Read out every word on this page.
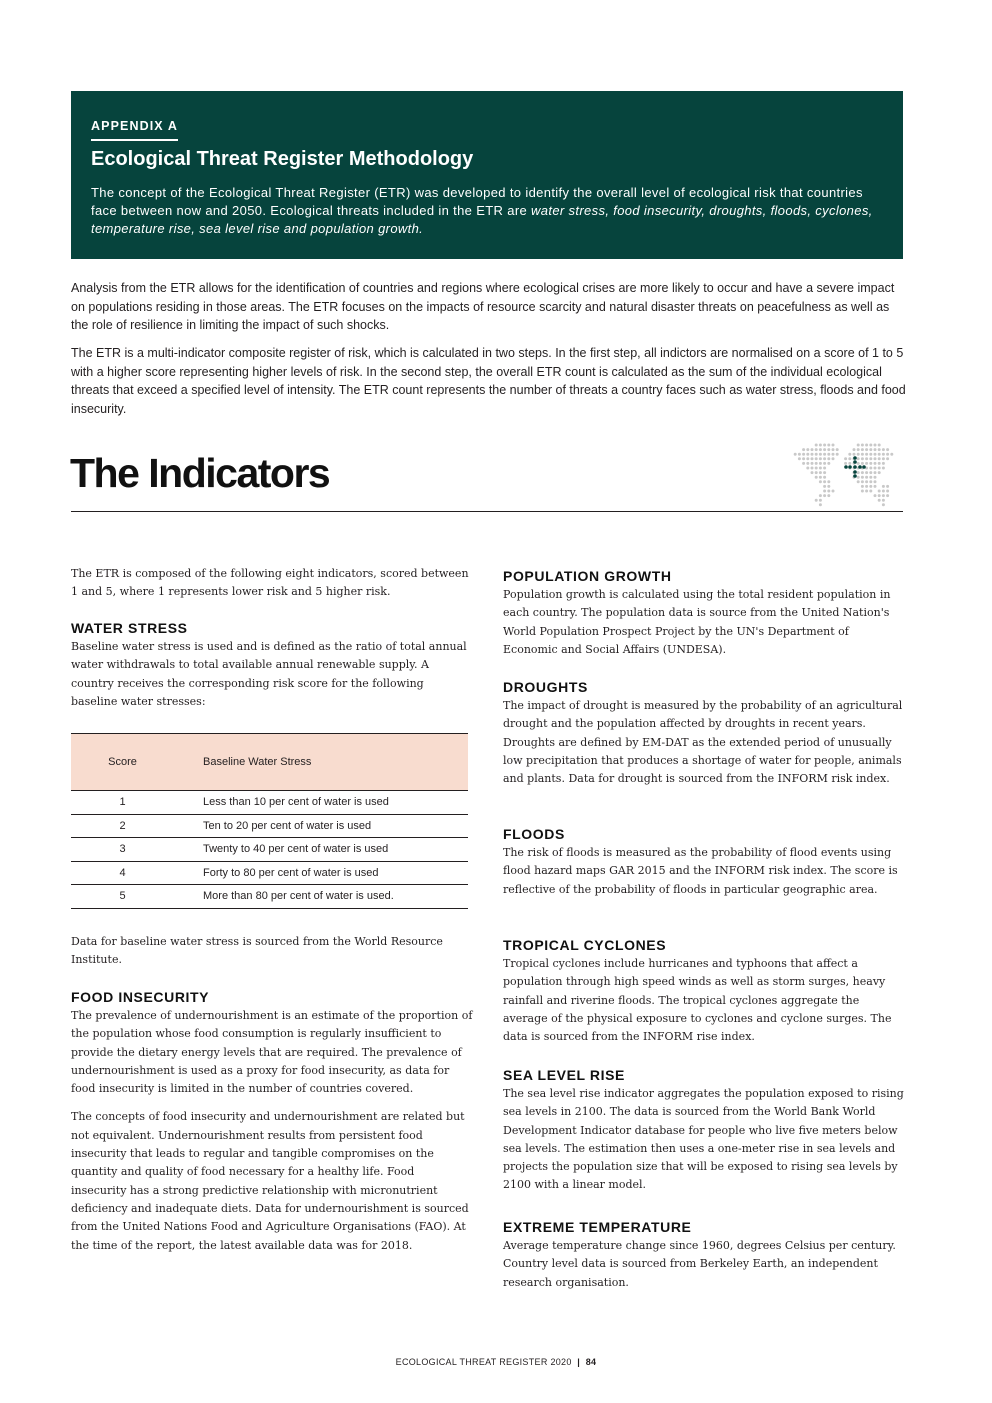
APPENDIX A
Ecological Threat Register Methodology

The concept of the Ecological Threat Register (ETR) was developed to identify the overall level of ecological risk that countries face between now and 2050. Ecological threats included in the ETR are water stress, food insecurity, droughts, floods, cyclones, temperature rise, sea level rise and population growth.

Analysis from the ETR allows for the identification of countries and regions where ecological crises are more likely to occur and have a severe impact on populations residing in those areas. The ETR focuses on the impacts of resource scarcity and natural disaster threats on peacefulness as well as the role of resilience in limiting the impact of such shocks.

The ETR is a multi-indicator composite register of risk, which is calculated in two steps. In the first step, all indictors are normalised on a score of 1 to 5 with a higher score representing higher levels of risk. In the second step, the overall ETR count is calculated as the sum of the individual ecological threats that exceed a specified level of intensity. The ETR count represents the number of threats a country faces such as water stress, floods and food insecurity.

The Indicators

The ETR is composed of the following eight indicators, scored between 1 and 5, where 1 represents lower risk and 5 higher risk.

WATER STRESS

Baseline water stress is used and is defined as the ratio of total annual water withdrawals to total available annual renewable supply. A country receives the corresponding risk score for the following baseline water stresses:

Score	Baseline Water Stress
1	Less than 10 per cent of water is used
2	Ten to 20 per cent of water is used
3	Twenty to 40 per cent of water is used
4	Forty to 80 per cent of water is used
5	More than 80 per cent of water is used.

Data for baseline water stress is sourced from the World Resource Institute.

FOOD INSECURITY

The prevalence of undernourishment is an estimate of the proportion of the population whose food consumption is regularly insufficient to provide the dietary energy levels that are required. The prevalence of undernourishment is used as a proxy for food insecurity, as data for food insecurity is limited in the number of countries covered.

The concepts of food insecurity and undernourishment are related but not equivalent. Undernourishment results from persistent food insecurity that leads to regular and tangible compromises on the quantity and quality of food necessary for a healthy life. Food insecurity has a strong predictive relationship with micronutrient deficiency and inadequate diets. Data for undernourishment is sourced from the United Nations Food and Agriculture Organisations (FAO). At the time of the report, the latest available data was for 2018.

POPULATION GROWTH

Population growth is calculated using the total resident population in each country. The population data is source from the United Nation's World Population Prospect Project by the UN's Department of Economic and Social Affairs (UNDESA).

DROUGHTS

The impact of drought is measured by the probability of an agricultural drought and the population affected by droughts in recent years. Droughts are defined by EM-DAT as the extended period of unusually low precipitation that produces a shortage of water for people, animals and plants. Data for drought is sourced from the INFORM risk index.

FLOODS

The risk of floods is measured as the probability of flood events using flood hazard maps GAR 2015 and the INFORM risk index. The score is reflective of the probability of floods in particular geographic area.

TROPICAL CYCLONES

Tropical cyclones include hurricanes and typhoons that affect a population through high speed winds as well as storm surges, heavy rainfall and riverine floods. The tropical cyclones aggregate the average of the physical exposure to cyclones and cyclone surges. The data is sourced from the INFORM rise index.

SEA LEVEL RISE

The sea level rise indicator aggregates the population exposed to rising sea levels in 2100. The data is sourced from the World Bank World Development Indicator database for people who live five meters below sea levels. The estimation then uses a one-meter rise in sea levels and projects the population size that will be exposed to rising sea levels by 2100 with a linear model.

EXTREME TEMPERATURE

Average temperature change since 1960, degrees Celsius per century. Country level data is sourced from Berkeley Earth, an independent research organisation.

ECOLOGICAL THREAT REGISTER 2020 | 84
